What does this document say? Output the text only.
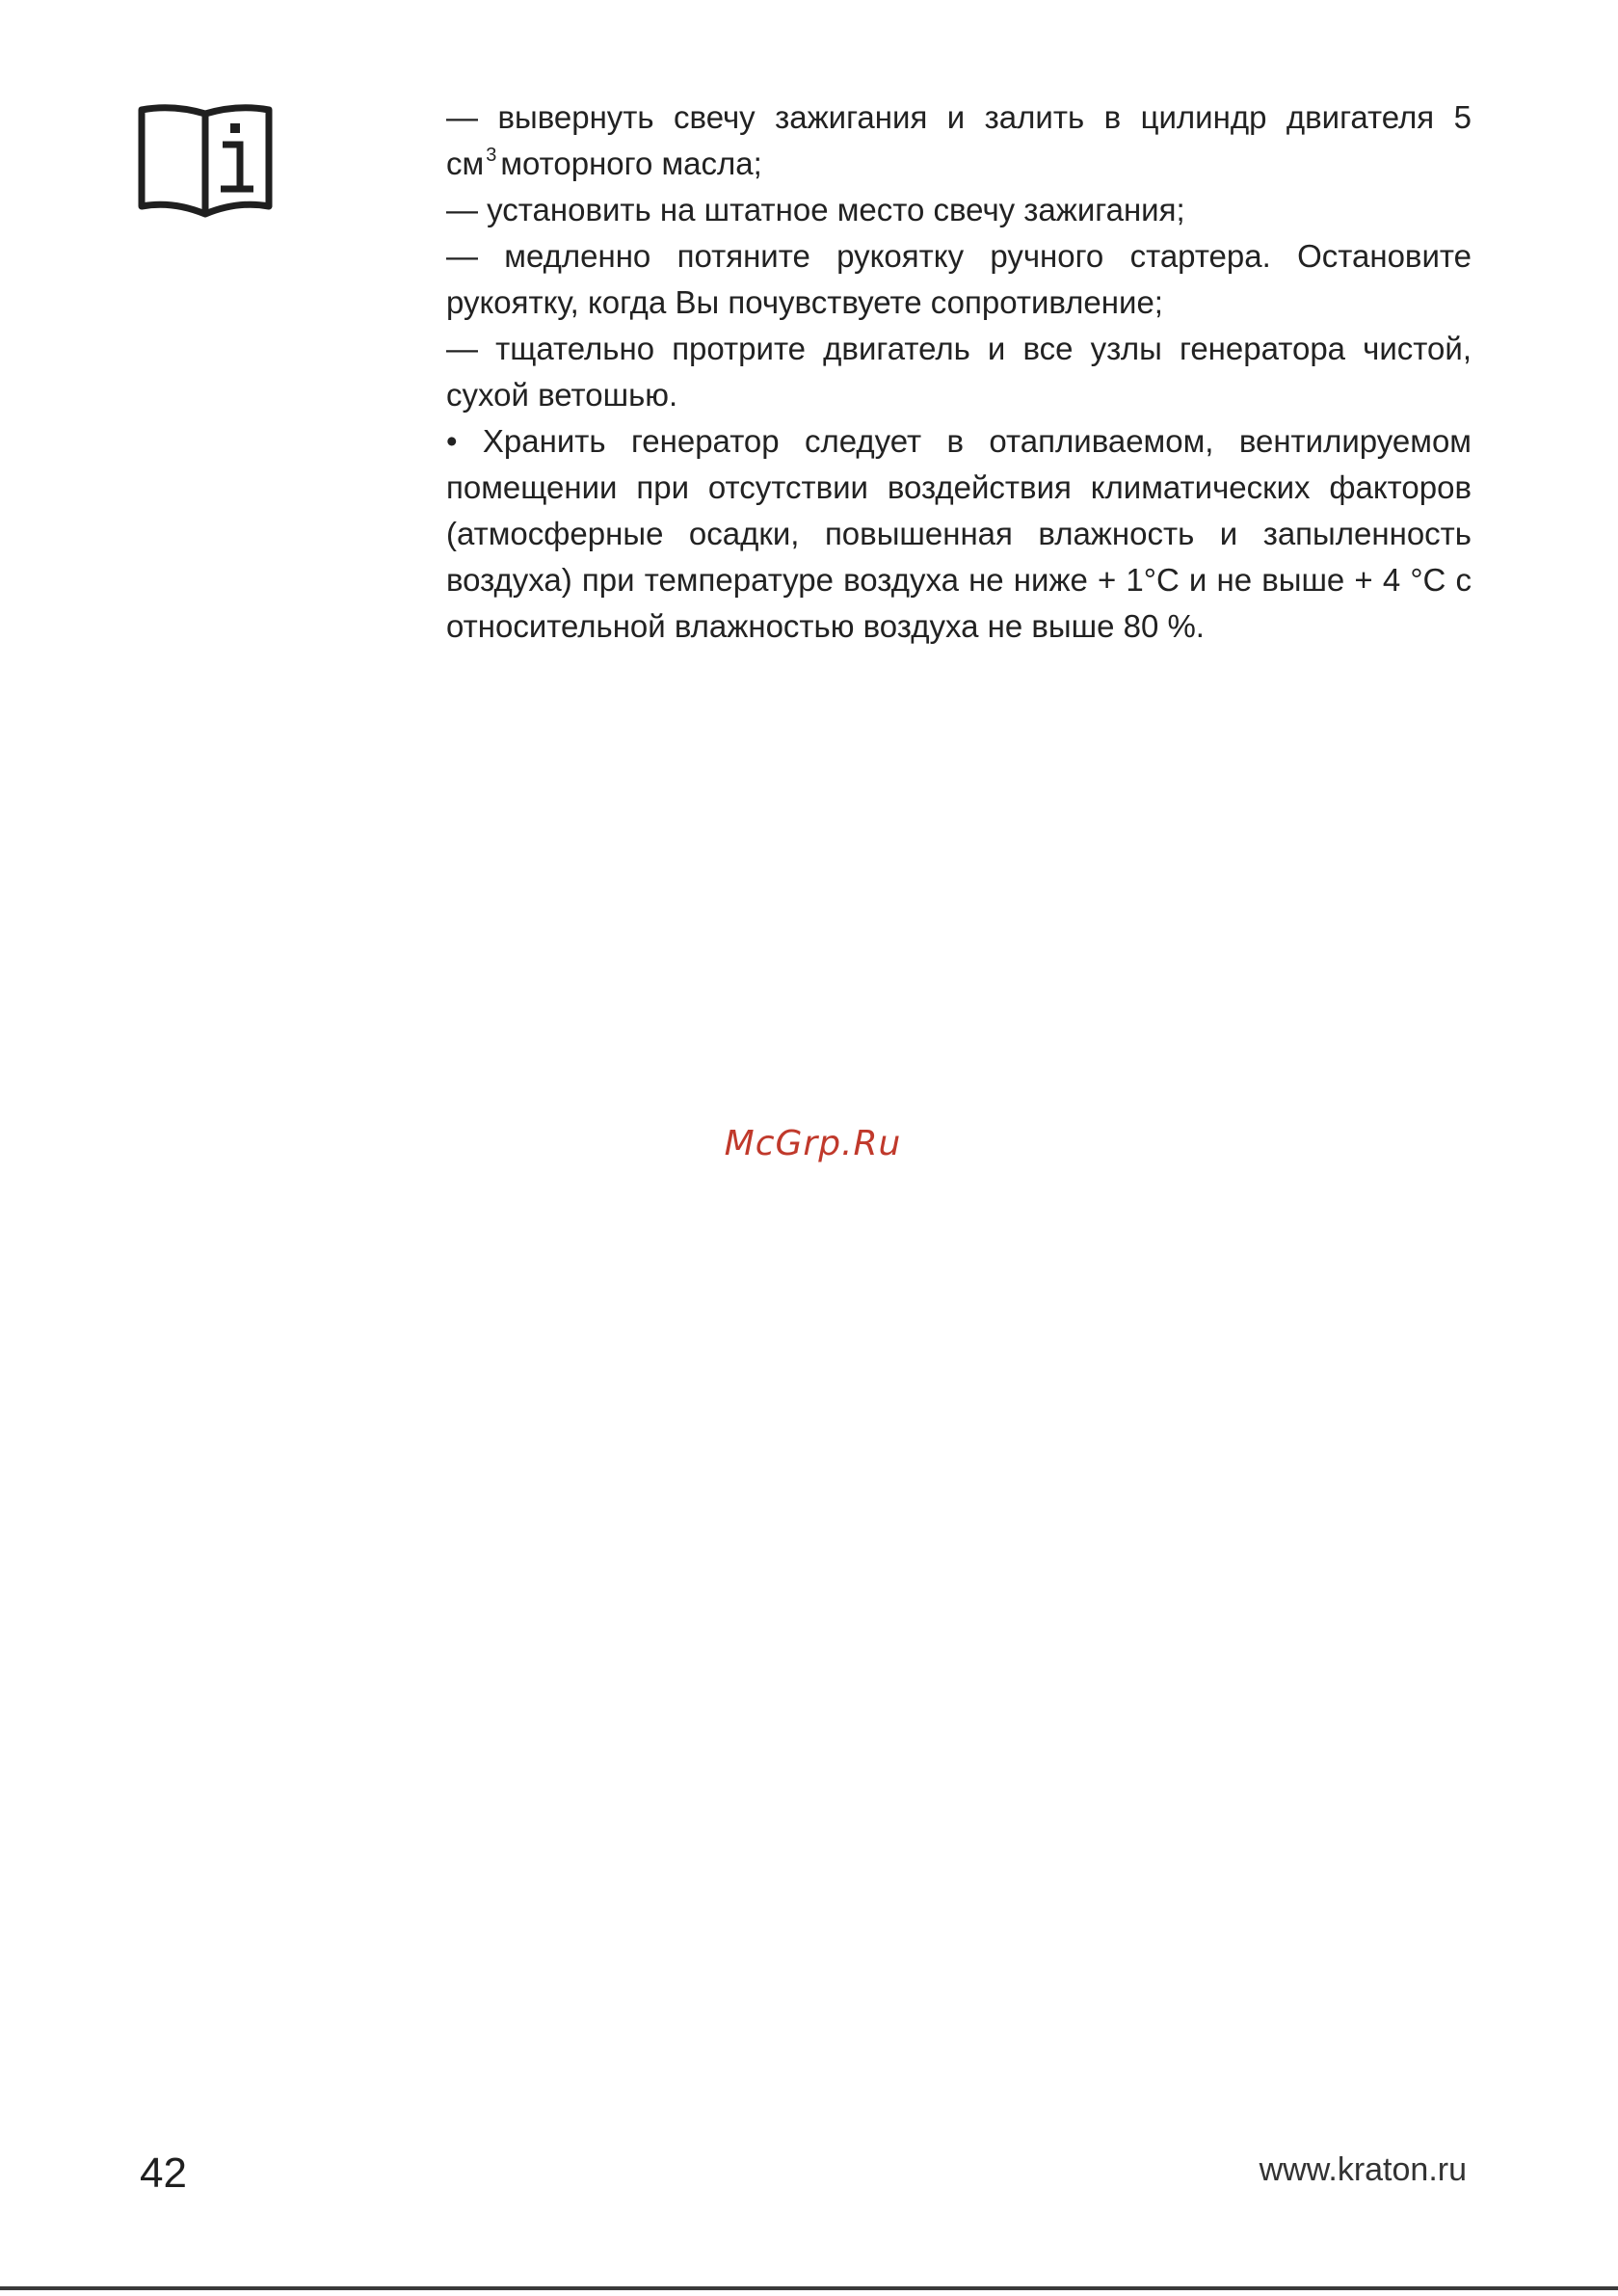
— вывернуть свечу зажигания и залить в цилиндр двигателя 5 см $^3$ моторного масла;

— установить на штатное место свечу зажигания;

— медленно потяните рукоятку ручного стартера. Остановите рукоятку, когда Вы почувствуете сопротивление;

— тщательно протрите двигатель и все узлы генератора чистой, сухой ветошью.

• Хранить генератор следует в отапливаемом, вентилируемом помещении при отсутствии воздействия климатических факторов (атмосферные осадки, повышенная влажность и запыленность воздуха) при температуре воздуха не ниже + 1°C и не выше + 4 °C с относительной влажностью воздуха не выше 80 %.

McGrp.Ru
42	www.kraton.ru
